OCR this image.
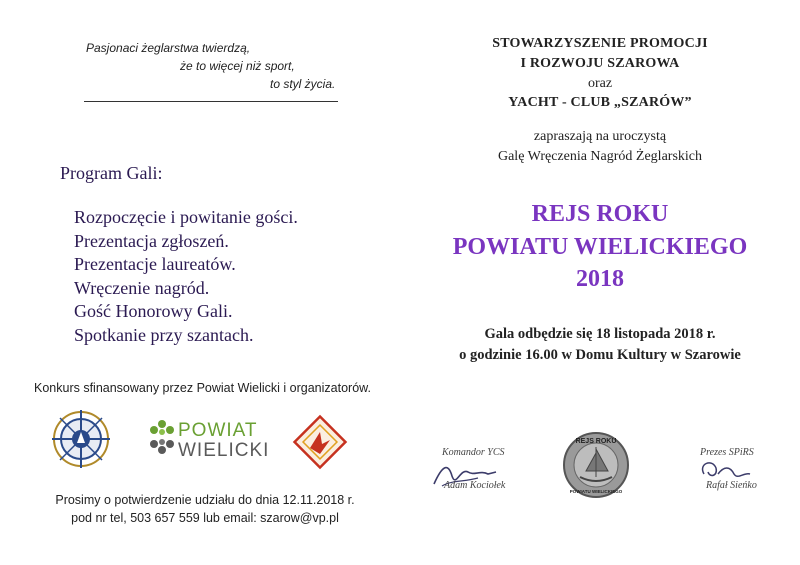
Pasjonaci żeglarstwa twierdzą,
że to więcej niż sport,
to styl życia.
Program Gali:
Rozpoczęcie i powitanie gości.
Prezentacja zgłoszeń.
Prezentacje laureatów.
Wręczenie nagród.
Gość Honorowy Gali.
Spotkanie przy szantach.
Konkurs sfinansowany przez Powiat Wielicki i organizatorów.
POWIAT
WIELICKI
Prosimy o potwierdzenie udziału do dnia 12.11.2018 r.
pod nr tel, 503 657 559 lub email: szarow@vp.pl
STOWARZYSZENIE PROMOCJI
I ROZWOJU SZAROWA
oraz
YACHT - CLUB „SZARÓW”
zapraszają na uroczystą
Galę Wręczenia Nagród Żeglarskich
REJS ROKU
POWIATU WIELICKIEGO
2018
Gala odbędzie się 18 listopada 2018 r.
o godzinie 16.00 w Domu Kultury w Szarowie
Komandor YCS
Adam Kociołek
REJS ROKU
POWIATU WIELICKIEGO
Prezes SPiRS
Rafał Sieńko
